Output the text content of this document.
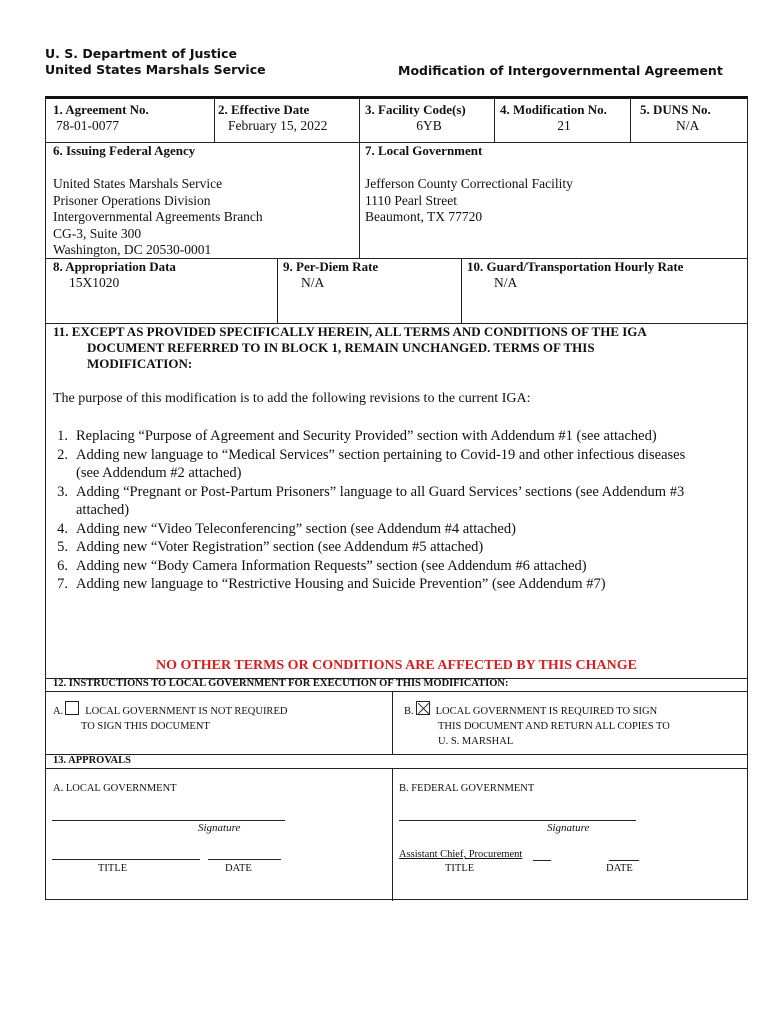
U. S. Department of Justice
United States Marshals Service	Modification of Intergovernmental Agreement
1. Agreement No.
78-01-0077
2. Effective Date
February 15, 2022
3. Facility Code(s)
6YB
4. Modification No.
21
5. DUNS No.
N/A
6. Issuing Federal Agency
United States Marshals Service
Prisoner Operations Division
Intergovernmental Agreements Branch
CG-3, Suite 300
Washington, DC 20530-0001
7. Local Government
Jefferson County Correctional Facility
1110 Pearl Street
Beaumont, TX 77720
8. Appropriation Data
15X1020
9. Per-Diem Rate
N/A
10. Guard/Transportation Hourly Rate
N/A
11. EXCEPT AS PROVIDED SPECIFICALLY HEREIN, ALL TERMS AND CONDITIONS OF THE IGA
DOCUMENT REFERRED TO IN BLOCK 1, REMAIN UNCHANGED. TERMS OF THIS
MODIFICATION:
The purpose of this modification is to add the following revisions to the current IGA:
1. Replacing “Purpose of Agreement and Security Provided” section with Addendum #1 (see attached)
2. Adding new language to “Medical Services” section pertaining to Covid-19 and other infectious diseases
(see Addendum #2 attached)
3. Adding “Pregnant or Post-Partum Prisoners” language to all Guard Services’ sections (see Addendum #3
attached)
4. Adding new “Video Teleconferencing” section (see Addendum #4 attached)
5. Adding new “Voter Registration” section (see Addendum #5 attached)
6. Adding new “Body Camera Information Requests” section (see Addendum #6 attached)
7. Adding new language to “Restrictive Housing and Suicide Prevention” (see Addendum #7)
NO OTHER TERMS OR CONDITIONS ARE AFFECTED BY THIS CHANGE
12. INSTRUCTIONS TO LOCAL GOVERNMENT FOR EXECUTION OF THIS MODIFICATION:
A. LOCAL GOVERNMENT IS NOT REQUIRED
TO SIGN THIS DOCUMENT
B. LOCAL GOVERNMENT IS REQUIRED TO SIGN
THIS DOCUMENT AND RETURN ALL COPIES TO
U. S. MARSHAL
13. APPROVALS
A. LOCAL GOVERNMENT	B. FEDERAL GOVERNMENT
Signature
TITLE	DATE
Signature
Assistant Chief, Procurement
TITLE	DATE
